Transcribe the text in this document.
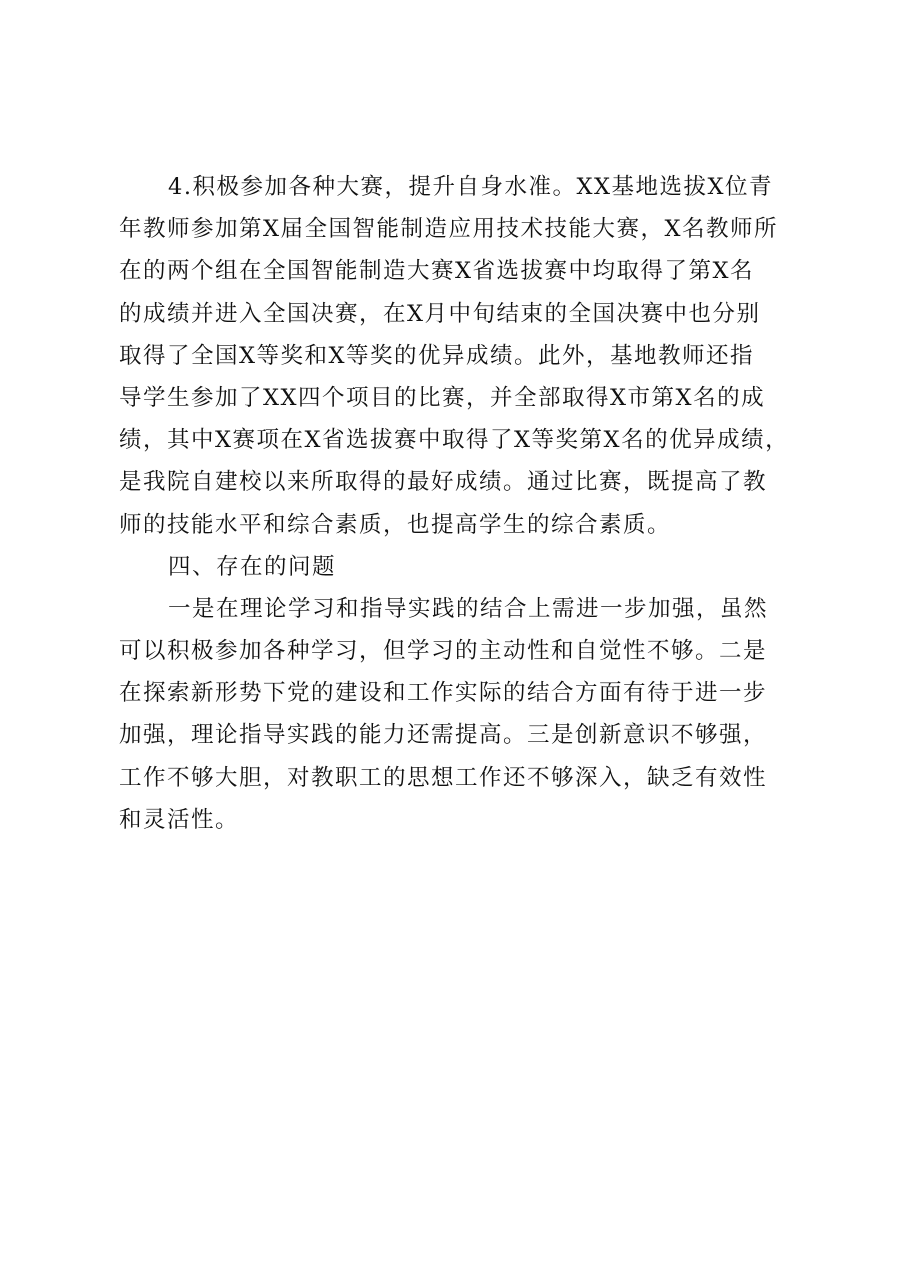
4.积极参加各种大赛，提升自身水准。XX基地选拔X位青
年教师参加第X届全国智能制造应用技术技能大赛，X名教师所
在的两个组在全国智能制造大赛X省选拔赛中均取得了第X名
的成绩并进入全国决赛，在X月中旬结束的全国决赛中也分别
取得了全国X等奖和X等奖的优异成绩。此外，基地教师还指
导学生参加了XX四个项目的比赛，并全部取得X市第X名的成
绩，其中X赛项在X省选拔赛中取得了X等奖第X名的优异成绩，
是我院自建校以来所取得的最好成绩。通过比赛，既提高了教
师的技能水平和综合素质，也提高学生的综合素质。
四、存在的问题
一是在理论学习和指导实践的结合上需进一步加强，虽然
可以积极参加各种学习，但学习的主动性和自觉性不够。二是
在探索新形势下党的建设和工作实际的结合方面有待于进一步
加强，理论指导实践的能力还需提高。三是创新意识不够强，
工作不够大胆，对教职工的思想工作还不够深入，缺乏有效性
和灵活性。
